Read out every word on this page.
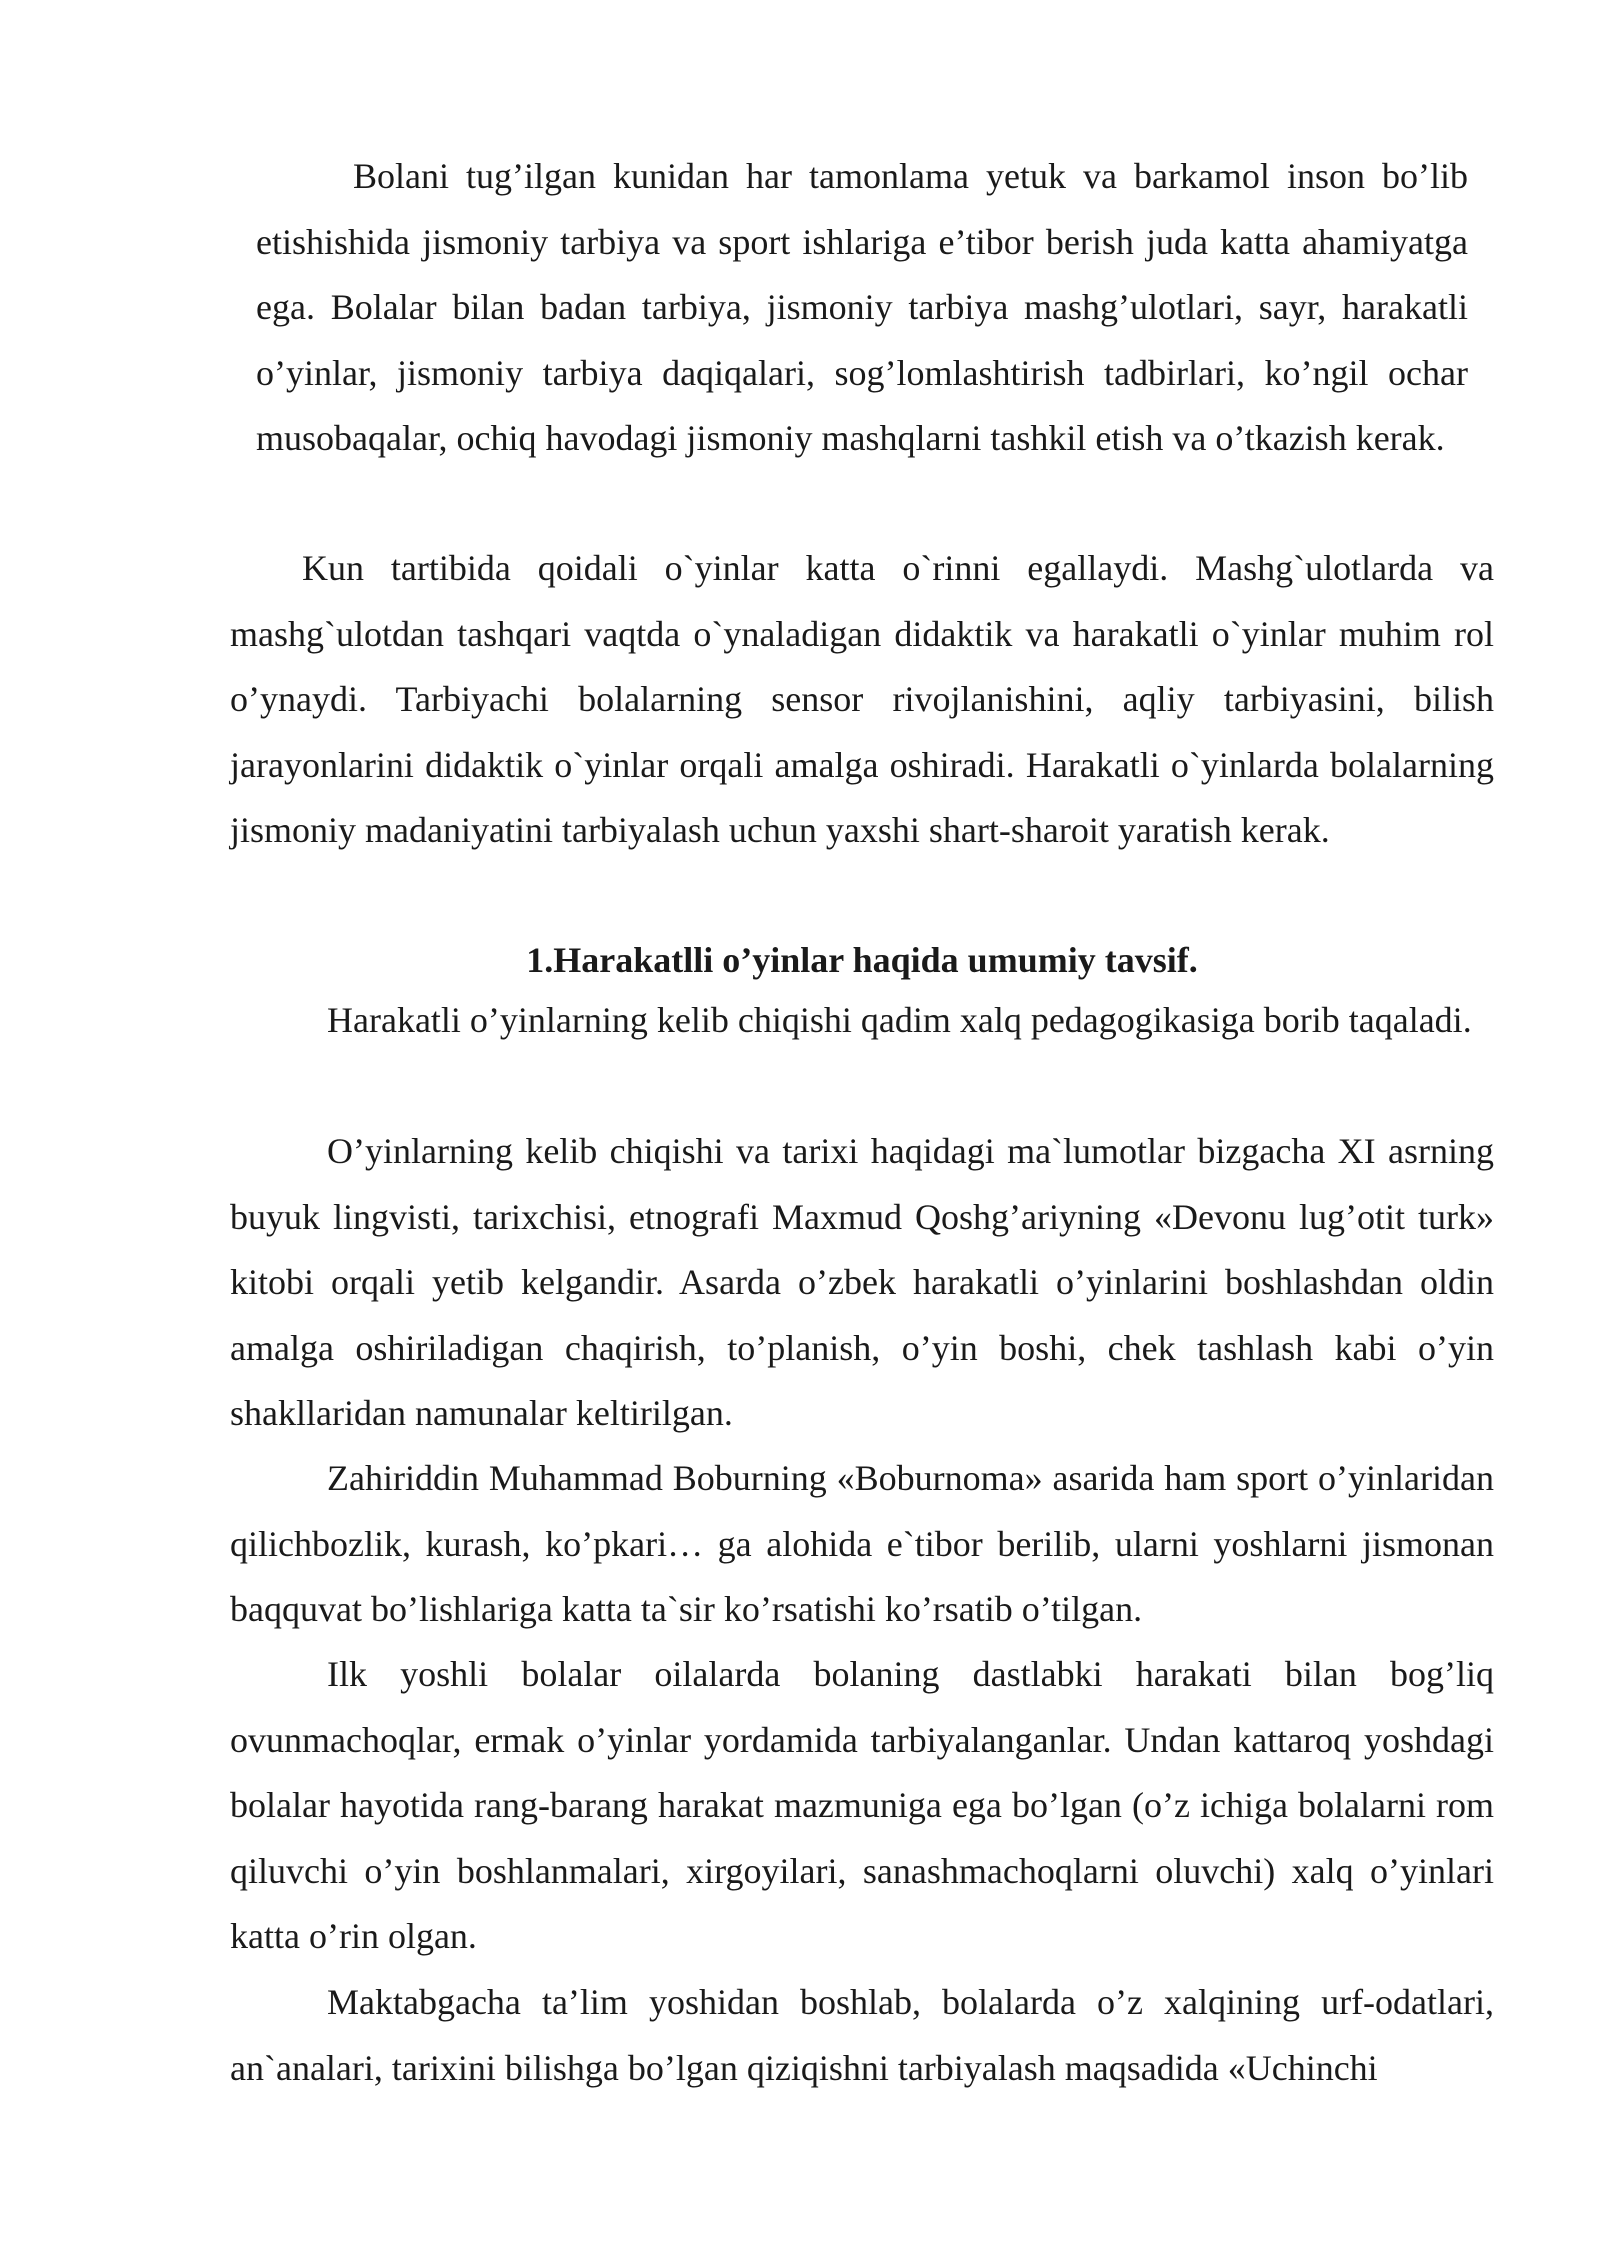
Bolani tug’ilgan kunidan har tamonlama yetuk va barkamol inson bo’lib etishishida jismoniy tarbiya va sport ishlariga e’tibor berish juda katta ahamiyatga ega. Bolalar bilan badan tarbiya, jismoniy tarbiya mashg’ulotlari, sayr, harakatli o’yinlar, jismoniy tarbiya daqiqalari, sog’lomlashtirish tadbirlari, ko’ngil ochar musobaqalar, ochiq havodagi jismoniy mashqlarni tashkil etish va o’tkazish kerak.

Kun tartibida qoidali o`yinlar katta o`rinni egallaydi. Mashg`ulotlarda va mashg`ulotdan tashqari vaqtda o`ynaladigan didaktik va harakatli o`yinlar muhim rol o’ynaydi. Tarbiyachi bolalarning sensor rivojlanishini, aqliy tarbiyasini, bilish jarayonlarini didaktik o`yinlar orqali amalga oshiradi. Harakatli o`yinlarda bolalarning jismoniy madaniyatini tarbiyalash uchun yaxshi shart-sharoit yaratish kerak.

1.Harakatlli o’yinlar haqida umumiy tavsif.

Harakatli o’yinlarning kelib chiqishi qadim xalq pedagogikasiga borib taqaladi.

O’yinlarning kelib chiqishi va tarixi haqidagi ma`lumotlar bizgacha XI asrning buyuk lingvisti, tarixchisi, etnografi Maxmud Qoshg’ariyning «Devonu lug’otit turk» kitobi orqali yetib kelgandir. Asarda o’zbek harakatli o’yinlarini boshlashdan oldin amalga oshiriladigan chaqirish, to’planish, o’yin boshi, chek tashlash kabi o’yin shakllaridan namunalar keltirilgan.

Zahiriddin Muhammad Boburning «Boburnoma» asarida ham sport o’yinlaridan qilichbozlik, kurash, ko’pkari… ga alohida e`tibor berilib, ularni yoshlarni jismonan baqquvat bo’lishlariga katta ta`sir ko’rsatishi ko’rsatib o’tilgan.

Ilk yoshli bolalar oilalarda bolaning dastlabki harakati bilan bog’liq ovunmachoqlar, ermak o’yinlar yordamida tarbiyalanganlar. Undan kattaroq yoshdagi bolalar hayotida rang-barang harakat mazmuniga ega bo’lgan (o’z ichiga bolalarni rom qiluvchi o’yin boshlanmalari, xirgoyilari, sanashmachoqlarni oluvchi) xalq o’yinlari katta o’rin olgan.

Maktabgacha ta’lim yoshidan boshlab, bolalarda o’z xalqining urf-odatlari, an`analari, tarixini bilishga bo’lgan qiziqishni tarbiyalash maqsadida «Uchinchi
